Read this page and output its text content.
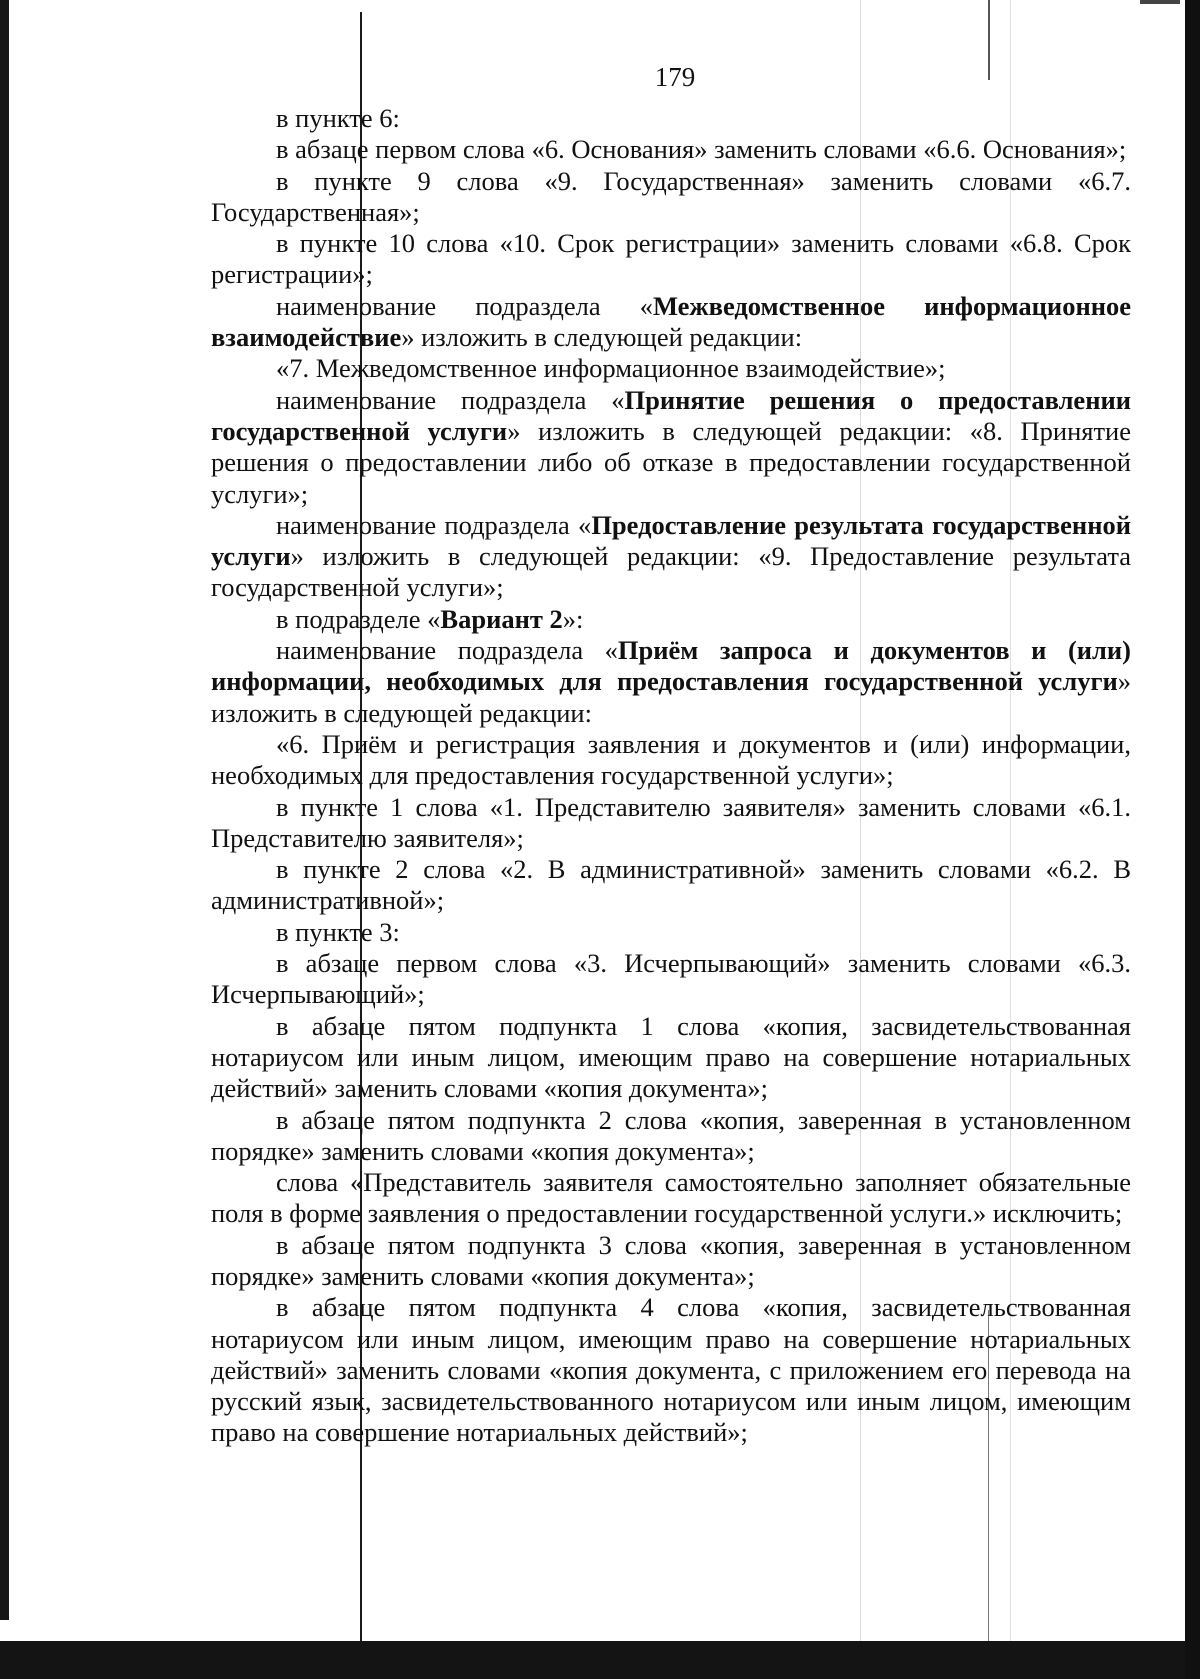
179

в пункте 6:

в абзаце первом слова «6. Основания» заменить словами «6.6. Основания»;

в пункте 9 слова «9. Государственная» заменить словами «6.7. Государственная»;

в пункте 10 слова «10. Срок регистрации» заменить словами «6.8. Срок регистрации»;

наименование подраздела «Межведомственное информационное взаимодействие» изложить в следующей редакции:

«7. Межведомственное информационное взаимодействие»;

наименование подраздела «Принятие решения о предоставлении государственной услуги» изложить в следующей редакции: «8. Принятие решения о предоставлении либо об отказе в предоставлении государственной услуги»;

наименование подраздела «Предоставление результата государственной услуги» изложить в следующей редакции: «9. Предоставление результата государственной услуги»;

в подразделе «Вариант 2»:

наименование подраздела «Приём запроса и документов и (или) информации, необходимых для предоставления государственной услуги» изложить в следующей редакции:

«6. Приём и регистрация заявления и документов и (или) информации, необходимых для предоставления государственной услуги»;

в пункте 1 слова «1. Представителю заявителя» заменить словами «6.1. Представителю заявителя»;

в пункте 2 слова «2. В административной» заменить словами «6.2. В административной»;

в пункте 3:

в абзаце первом слова «3. Исчерпывающий» заменить словами «6.3. Исчерпывающий»;

в абзаце пятом подпункта 1 слова «копия, засвидетельствованная нотариусом или иным лицом, имеющим право на совершение нотариальных действий» заменить словами «копия документа»;

в абзаце пятом подпункта 2 слова «копия, заверенная в установленном порядке» заменить словами «копия документа»;

слова «Представитель заявителя самостоятельно заполняет обязательные поля в форме заявления о предоставлении государственной услуги.» исключить;

в абзаце пятом подпункта 3 слова «копия, заверенная в установленном порядке» заменить словами «копия документа»;

в абзаце пятом подпункта 4 слова «копия, засвидетельствованная нотариусом или иным лицом, имеющим право на совершение нотариальных действий» заменить словами «копия документа, с приложением его перевода на русский язык, засвидетельствованного нотариусом или иным лицом, имеющим право на совершение нотариальных действий»;
